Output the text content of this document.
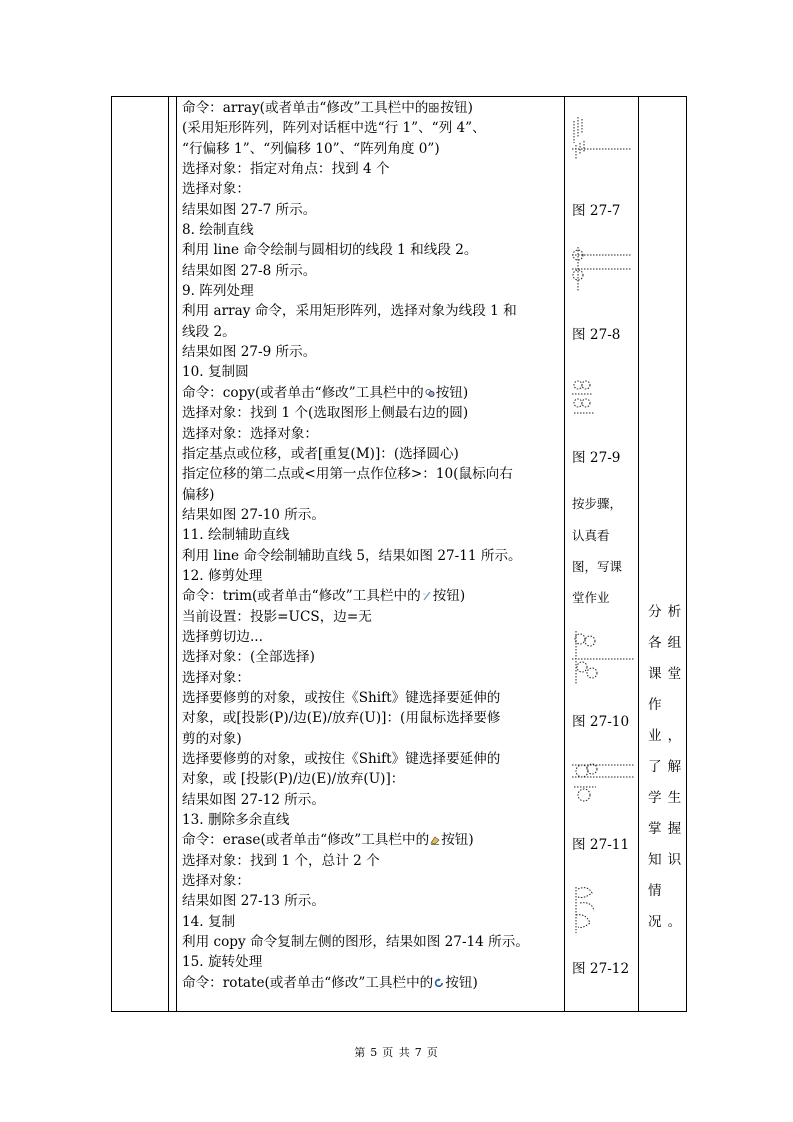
命令：array(或者单击“修改”工具栏中的 按钮)
(采用矩形阵列，阵列对话框中选“行 1”、“列 4”、
“行偏移 1”、“列偏移 10”、“阵列角度 0”)
选择对象：指定对角点：找到 4 个
选择对象：
结果如图 27-7 所示。
8. 绘制直线
利用 line 命令绘制与圆相切的线段 1 和线段 2。
结果如图 27-8 所示。
9. 阵列处理
利用 array 命令，采用矩形阵列，选择对象为线段 1 和
线段 2。
结果如图 27-9 所示。
10. 复制圆
命令：copy(或者单击“修改”工具栏中的 按钮)
选择对象：找到 1 个(选取图形上侧最右边的圆)
选择对象：选择对象：
指定基点或位移，或者[重复(M)]：(选择圆心)
指定位移的第二点或<用第一点作位移>：10(鼠标向右
偏移)
结果如图 27-10 所示。
11. 绘制辅助直线
利用 line 命令绘制辅助直线 5，结果如图 27-11 所示。
12. 修剪处理
命令：trim(或者单击“修改”工具栏中的 按钮)
当前设置：投影=UCS，边=无
选择剪切边...
选择对象：(全部选择)
选择对象：
选择要修剪的对象，或按住《Shift》键选择要延伸的
对象，或[投影(P)/边(E)/放弃(U)]：(用鼠标选择要修
剪的对象)
选择要修剪的对象，或按住《Shift》键选择要延伸的
对象，或 [投影(P)/边(E)/放弃(U)]：
结果如图 27-12 所示。
13. 删除多余直线
命令：erase(或者单击“修改”工具栏中的 按钮)
选择对象：找到 1 个，总计 2 个
选择对象：
结果如图 27-13 所示。
14. 复制
利用 copy 命令复制左侧的图形，结果如图 27-14 所示。
15. 旋转处理
命令：rotate(或者单击“修改”工具栏中的 按钮)
图 27-7
图 27-8
图 27-9
按步骤，
认真看
图，写课
堂作业
图 27-10
图 27-11
图 27-12
分析
各组
课堂
作
业，
了解
学生
掌握
知识
情
况。
第 5 页 共 7 页
